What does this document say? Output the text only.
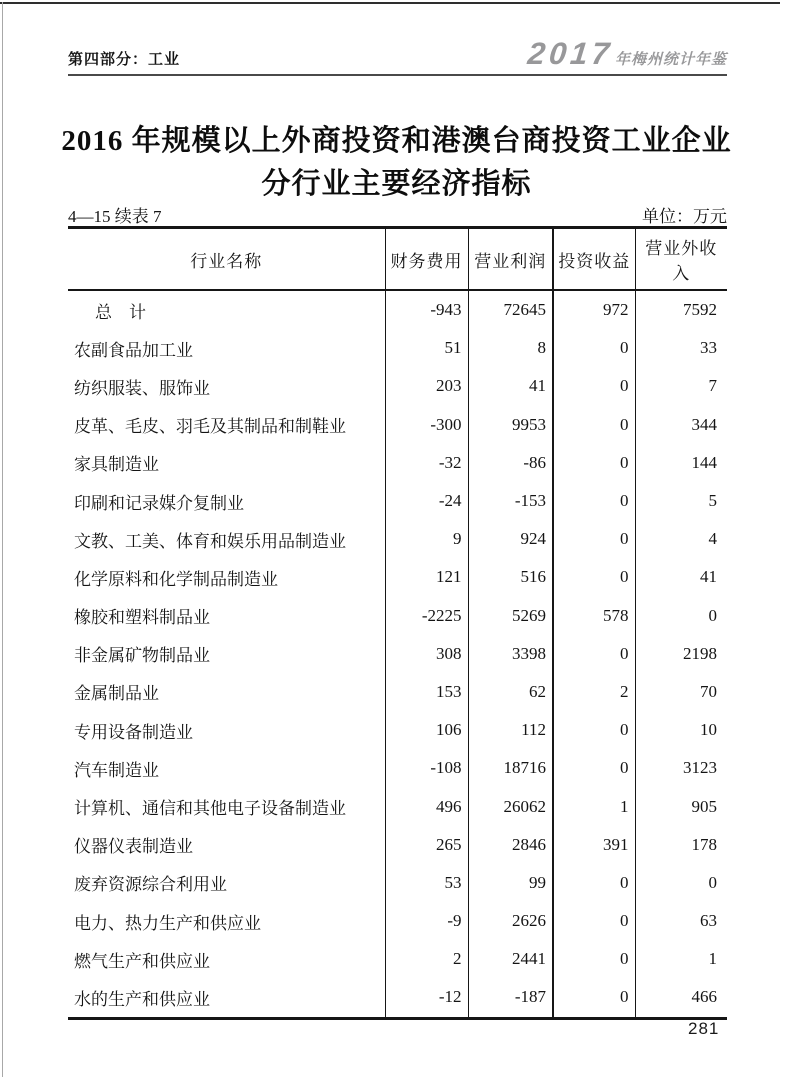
第四部分：工业	2017 年梅州统计年鉴
2016 年规模以上外商投资和港澳台商投资工业企业
分行业主要经济指标
4—15 续表 7	单位：万元
行业名称	财务费用	营业利润	投资收益	营业外收入
总　计	-943	72645	972	7592
农副食品加工业	51	8	0	33
纺织服装、服饰业	203	41	0	7
皮革、毛皮、羽毛及其制品和制鞋业	-300	9953	0	344
家具制造业	-32	-86	0	144
印刷和记录媒介复制业	-24	-153	0	5
文教、工美、体育和娱乐用品制造业	9	924	0	4
化学原料和化学制品制造业	121	516	0	41
橡胶和塑料制品业	-2225	5269	578	0
非金属矿物制品业	308	3398	0	2198
金属制品业	153	62	2	70
专用设备制造业	106	112	0	10
汽车制造业	-108	18716	0	3123
计算机、通信和其他电子设备制造业	496	26062	1	905
仪器仪表制造业	265	2846	391	178
废弃资源综合利用业	53	99	0	0
电力、热力生产和供应业	-9	2626	0	63
燃气生产和供应业	2	2441	0	1
水的生产和供应业	-12	-187	0	466
281
